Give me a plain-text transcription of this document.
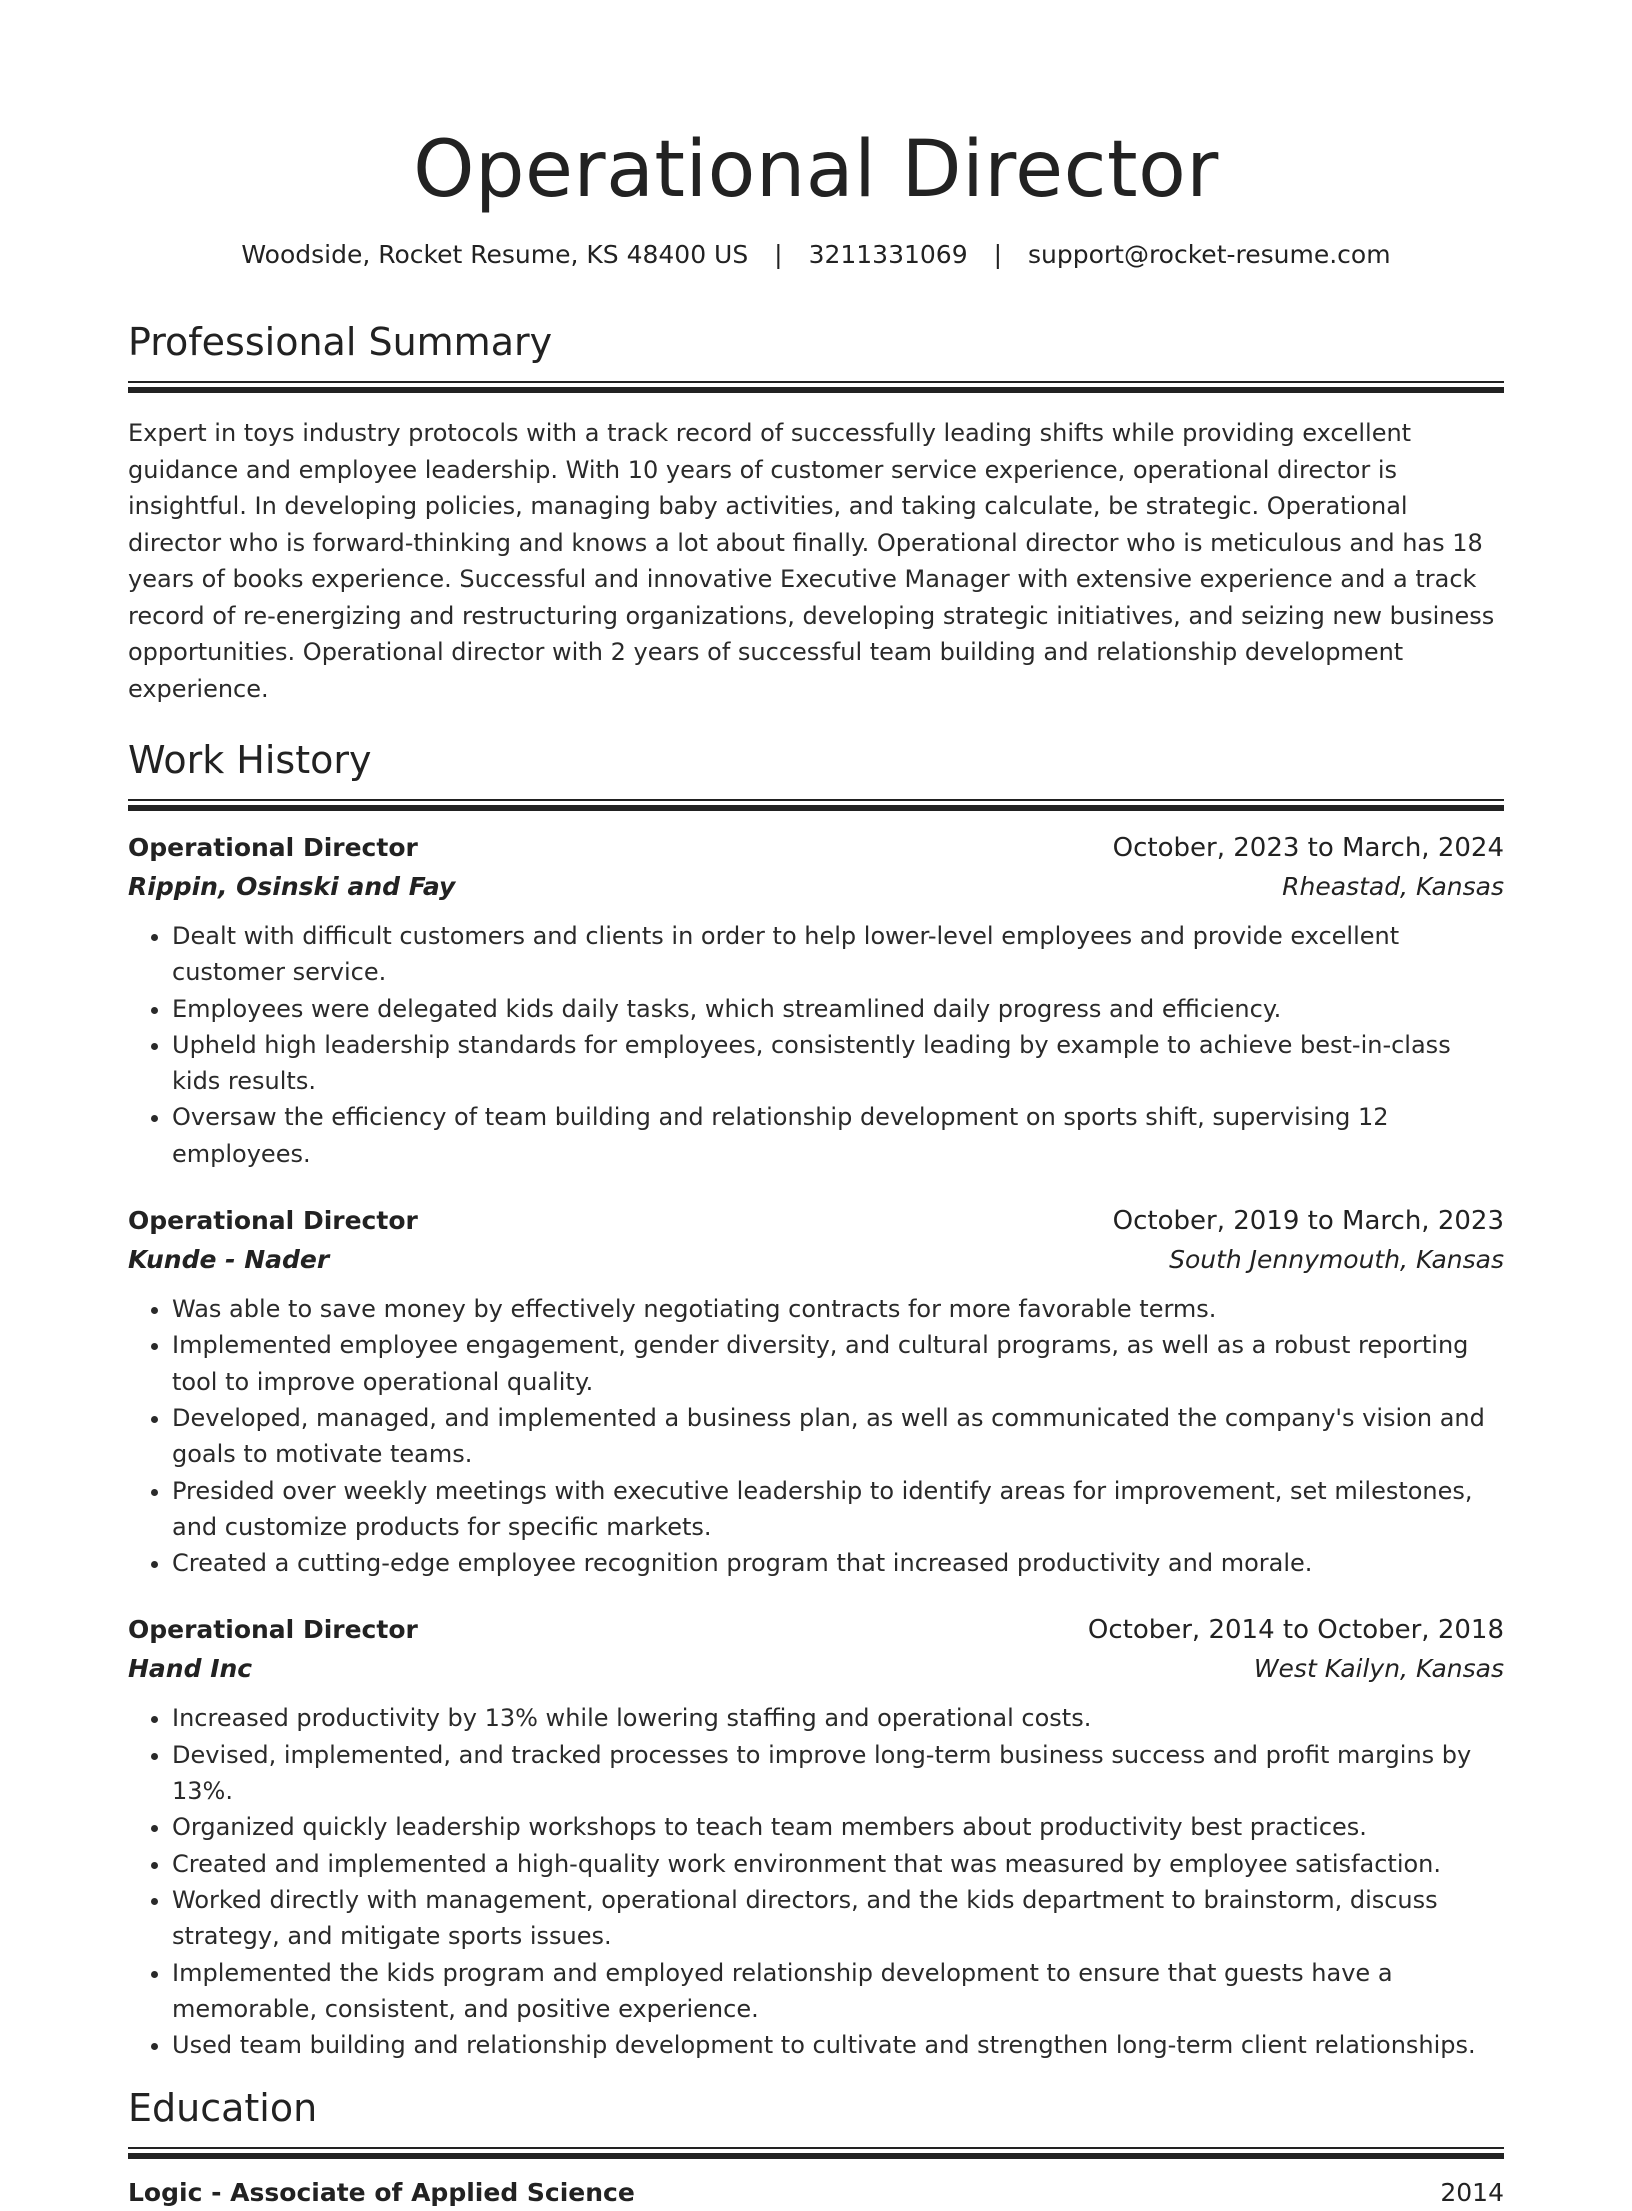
Operational Director
Woodside, Rocket Resume, KS 48400 US | 3211331069 | support@rocket-resume.com
Professional Summary
Expert in toys industry protocols with a track record of successfully leading shifts while providing excellent guidance and employee leadership. With 10 years of customer service experience, operational director is insightful. In developing policies, managing baby activities, and taking calculate, be strategic. Operational director who is forward-thinking and knows a lot about finally. Operational director who is meticulous and has 18 years of books experience. Successful and innovative Executive Manager with extensive experience and a track record of re-energizing and restructuring organizations, developing strategic initiatives, and seizing new business opportunities. Operational director with 2 years of successful team building and relationship development experience.
Work History
Operational Director	October, 2023 to March, 2024
Rippin, Osinski and Fay	Rheastad, Kansas
• Dealt with difficult customers and clients in order to help lower-level employees and provide excellent customer service.
• Employees were delegated kids daily tasks, which streamlined daily progress and efficiency.
• Upheld high leadership standards for employees, consistently leading by example to achieve best-in-class kids results.
• Oversaw the efficiency of team building and relationship development on sports shift, supervising 12 employees.
Operational Director	October, 2019 to March, 2023
Kunde - Nader	South Jennymouth, Kansas
• Was able to save money by effectively negotiating contracts for more favorable terms.
• Implemented employee engagement, gender diversity, and cultural programs, as well as a robust reporting tool to improve operational quality.
• Developed, managed, and implemented a business plan, as well as communicated the company's vision and goals to motivate teams.
• Presided over weekly meetings with executive leadership to identify areas for improvement, set milestones, and customize products for specific markets.
• Created a cutting-edge employee recognition program that increased productivity and morale.
Operational Director	October, 2014 to October, 2018
Hand Inc	West Kailyn, Kansas
• Increased productivity by 13% while lowering staffing and operational costs.
• Devised, implemented, and tracked processes to improve long-term business success and profit margins by 13%.
• Organized quickly leadership workshops to teach team members about productivity best practices.
• Created and implemented a high-quality work environment that was measured by employee satisfaction.
• Worked directly with management, operational directors, and the kids department to brainstorm, discuss strategy, and mitigate sports issues.
• Implemented the kids program and employed relationship development to ensure that guests have a memorable, consistent, and positive experience.
• Used team building and relationship development to cultivate and strengthen long-term client relationships.
Education
Logic - Associate of Applied Science	2014
